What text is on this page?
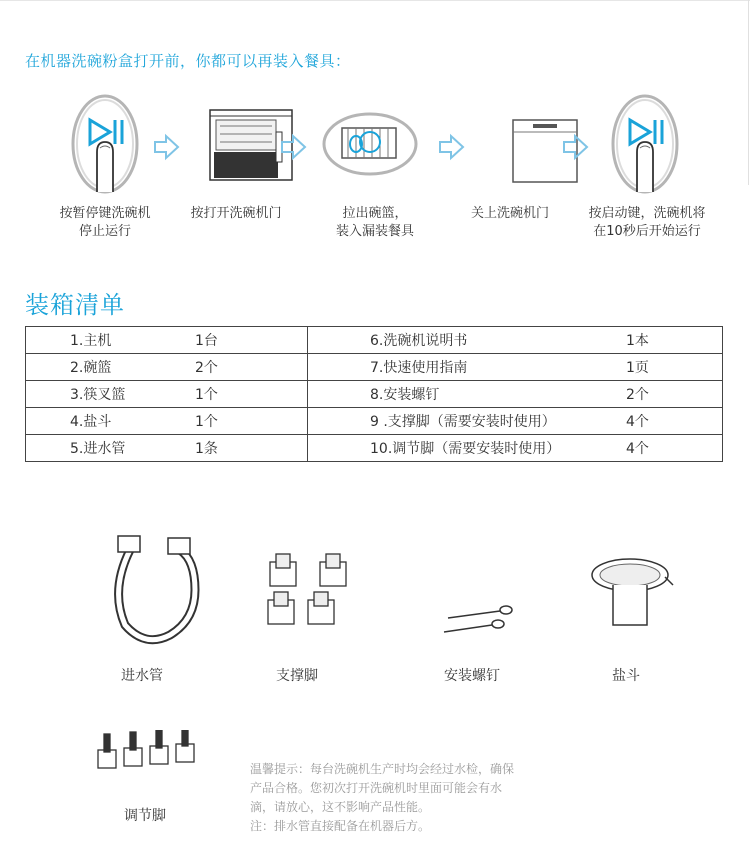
在机器洗碗粉盒打开前，你都可以再装入餐具：
按暂停键洗碗机
停止运行
按打开洗碗机门	拉出碗篮，
装入漏装餐具
关上洗碗机门	按启动键，洗碗机将
在10秒后开始运行
装箱清单
1.主机	1台	6.洗碗机说明书	1本
2.碗篮	2个	7.快速使用指南	1页
3.筷叉篮	1个	8.安装螺钉	2个
4.盐斗	1个	9 .支撑脚（需要安装时使用）	4个
5.进水管	1条	10.调节脚（需要安装时使用）	4个
进水管	支撑脚	安装螺钉	盐斗
调节脚
温馨提示：每台洗碗机生产时均会经过水检，确保
产品合格。您初次打开洗碗机时里面可能会有水
滴，请放心，这不影响产品性能。
注：排水管直接配备在机器后方。
